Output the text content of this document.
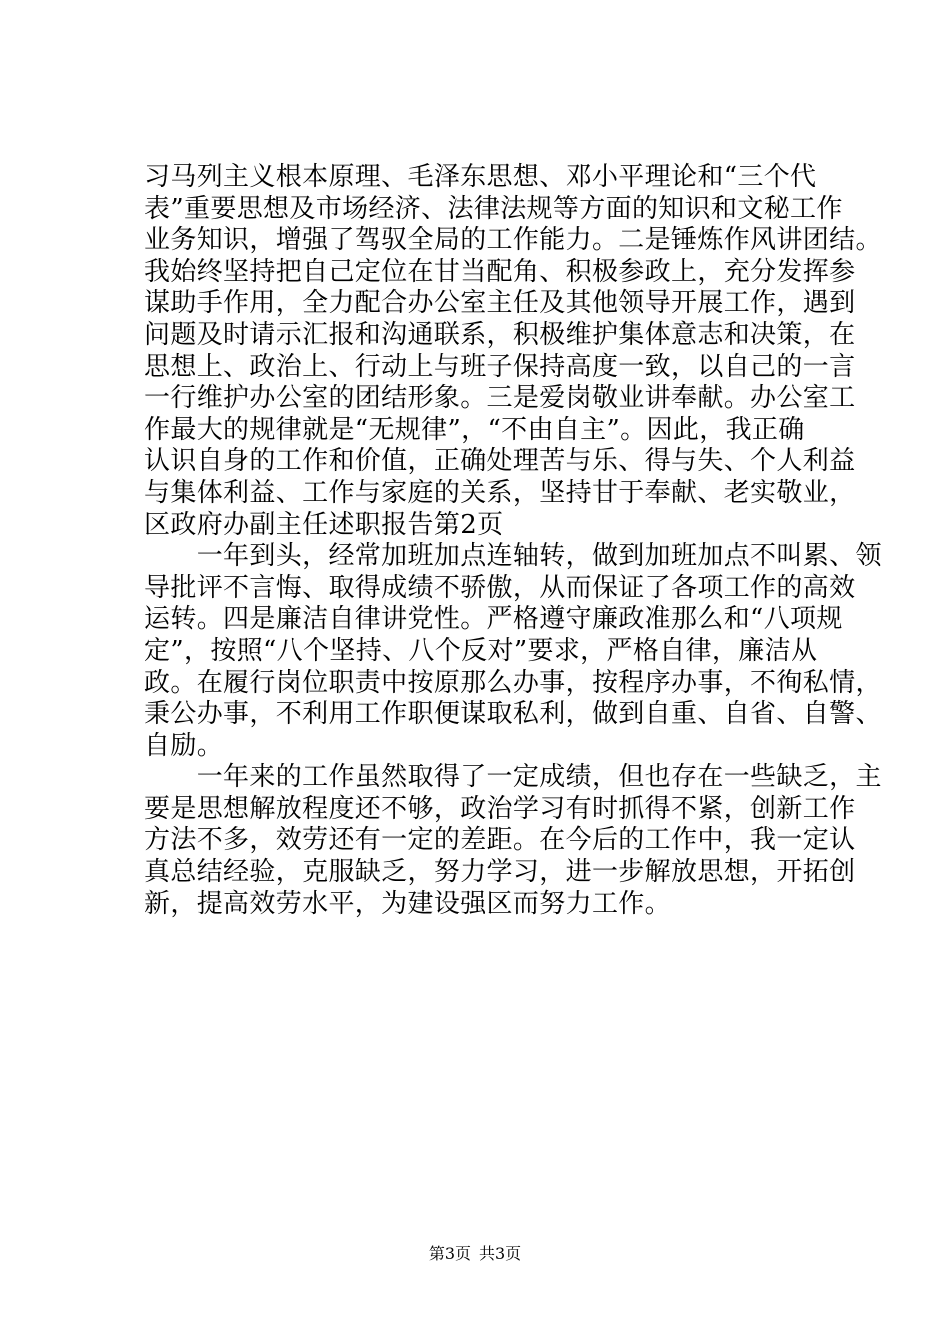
习马列主义根本原理、毛泽东思想、邓小平理论和“三个代
表”重要思想及市场经济、法律法规等方面的知识和文秘工作
业务知识，增强了驾驭全局的工作能力。二是锤炼作风讲团结。
我始终坚持把自己定位在甘当配角、积极参政上，充分发挥参
谋助手作用，全力配合办公室主任及其他领导开展工作，遇到
问题及时请示汇报和沟通联系，积极维护集体意志和决策，在
思想上、政治上、行动上与班子保持高度一致，以自己的一言
一行维护办公室的团结形象。三是爱岗敬业讲奉献。办公室工
作最大的规律就是“无规律”，“不由自主”。因此，我正确
认识自身的工作和价值，正确处理苦与乐、得与失、个人利益
与集体利益、工作与家庭的关系，坚持甘于奉献、老实敬业，
区政府办副主任述职报告第2页
　　一年到头，经常加班加点连轴转，做到加班加点不叫累、领
导批评不言悔、取得成绩不骄傲，从而保证了各项工作的高效
运转。四是廉洁自律讲党性。严格遵守廉政准那么和“八项规
定”，按照“八个坚持、八个反对”要求，严格自律，廉洁从
政。在履行岗位职责中按原那么办事，按程序办事，不徇私情，
秉公办事，不利用工作职便谋取私利，做到自重、自省、自警、
自励。
　　一年来的工作虽然取得了一定成绩，但也存在一些缺乏，主
要是思想解放程度还不够，政治学习有时抓得不紧，创新工作
方法不多，效劳还有一定的差距。在今后的工作中，我一定认
真总结经验，克服缺乏，努力学习，进一步解放思想，开拓创
新，提高效劳水平，为建设强区而努力工作。
第3页 共3页
